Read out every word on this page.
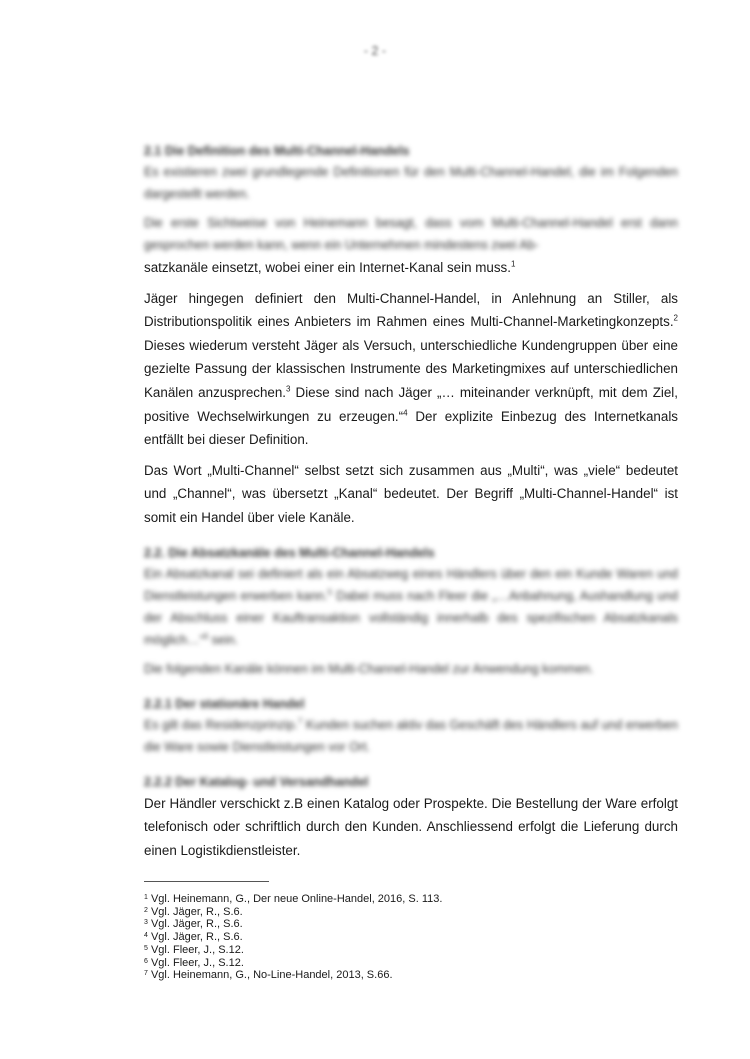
- 2 -
2.1 Die Definition des Multi-Channel-Handels

Es existieren zwei grundlegende Definitionen für den Multi-Channel-Handel, die im Folgenden dargestellt werden.

Die erste Sichtweise von Heinemann besagt, dass vom Multi-Channel-Handel erst dann gesprochen werden kann, wenn ein Unternehmen mindestens zwei Ab-

satzkanäle einsetzt, wobei einer ein Internet-Kanal sein muss.$^1$

Jäger hingegen definiert den Multi-Channel-Handel, in Anlehnung an Stiller, als Distributionspolitik eines Anbieters im Rahmen eines Multi-Channel-Marketingkonzepts.$^2$ Dieses wiederum versteht Jäger als Versuch, unterschiedliche Kundengruppen über eine gezielte Passung der klassischen Instrumente des Marketingmixes auf unterschiedlichen Kanälen anzusprechen.$^3$ Diese sind nach Jäger „… miteinander verknüpft, mit dem Ziel, positive Wechselwirkungen zu erzeugen.“$^4$ Der explizite Einbezug des Internetkanals entfällt bei dieser Definition.

Das Wort „Multi-Channel“ selbst setzt sich zusammen aus „Multi“, was „viele“ bedeutet und „Channel“, was übersetzt „Kanal“ bedeutet. Der Begriff „Multi-Channel-Handel“ ist somit ein Handel über viele Kanäle.

2.2. Die Absatzkanäle des Multi-Channel-Handels

Ein Absatzkanal sei definiert als ein Absatzweg eines Händlers über den ein Kunde Waren und Dienstleistungen erwerben kann.$^5$ Dabei muss nach Fleer die „…Anbahnung, Aushandlung und der Abschluss einer Kauftransaktion vollständig innerhalb des spezifischen Absatzkanals möglich…“$^6$ sein.

Die folgenden Kanäle können im Multi-Channel-Handel zur Anwendung kommen.

2.2.1 Der stationäre Handel

Es gilt das Residenzprinzip.$^7$ Kunden suchen aktiv das Geschäft des Händlers auf und erwerben die Ware sowie Dienstleistungen vor Ort.

2.2.2 Der Katalog- und Versandhandel

Der Händler verschickt z.B einen Katalog oder Prospekte. Die Bestellung der Ware erfolgt telefonisch oder schriftlich durch den Kunden. Anschliessend erfolgt die Lieferung durch einen Logistikdienstleister.

$^1$ Vgl. Heinemann, G., Der neue Online-Handel, 2016, S. 113.
$^2$ Vgl. Jäger, R., S.6.
$^3$ Vgl. Jäger, R., S.6.
$^4$ Vgl. Jäger, R., S.6.
$^5$ Vgl. Fleer, J., S.12.
$^6$ Vgl. Fleer, J., S.12.
$^7$ Vgl. Heinemann, G., No-Line-Handel, 2013, S.66.
